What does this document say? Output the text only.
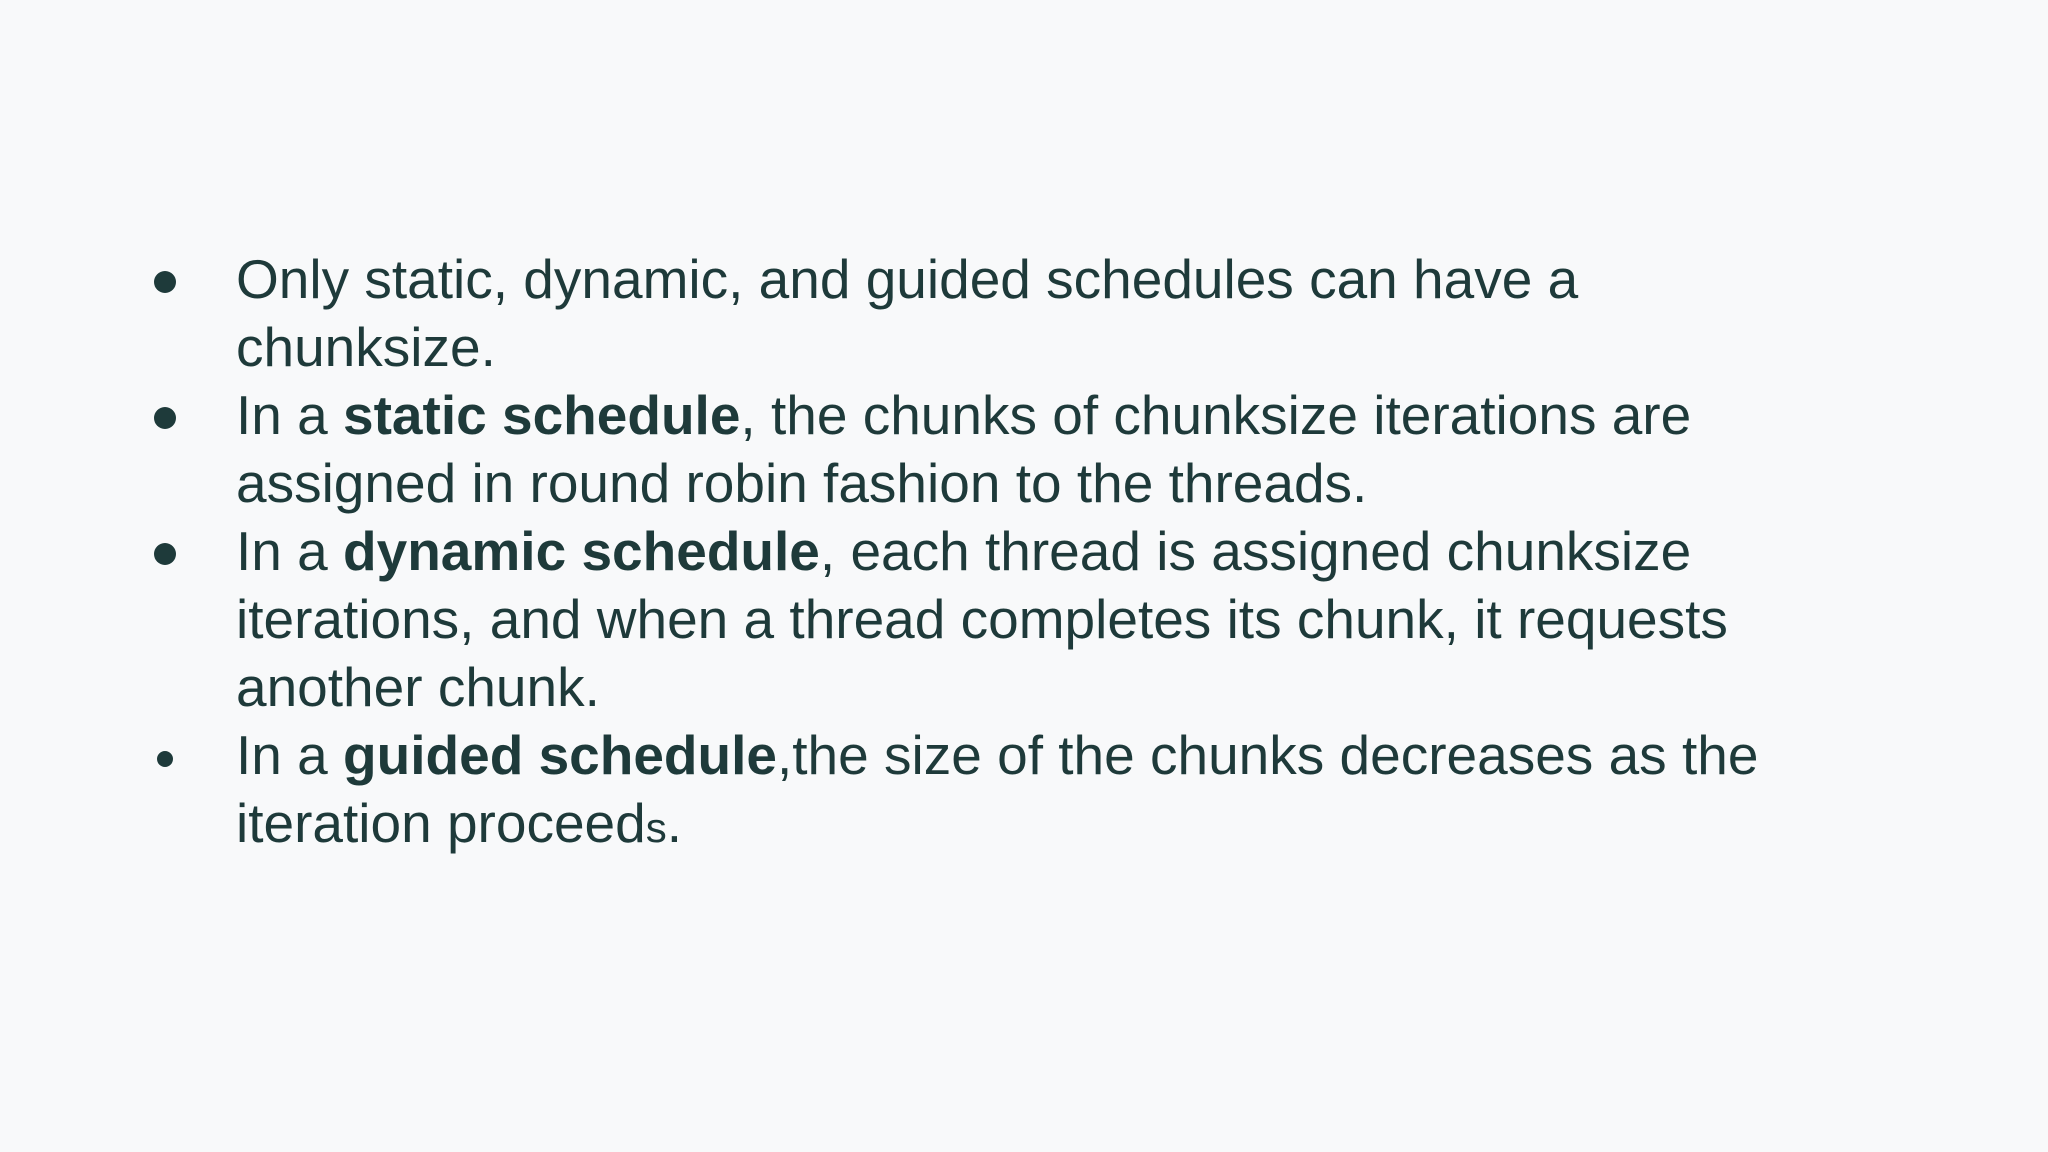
Only static, dynamic, and guided schedules can have a
chunksize.
In a static schedule, the chunks of chunksize iterations are
assigned in round robin fashion to the threads.
In a dynamic schedule, each thread is assigned chunksize
iterations, and when a thread completes its chunk, it requests
another chunk.
In a guided schedule,the size of the chunks decreases as the
iteration proceeds.
